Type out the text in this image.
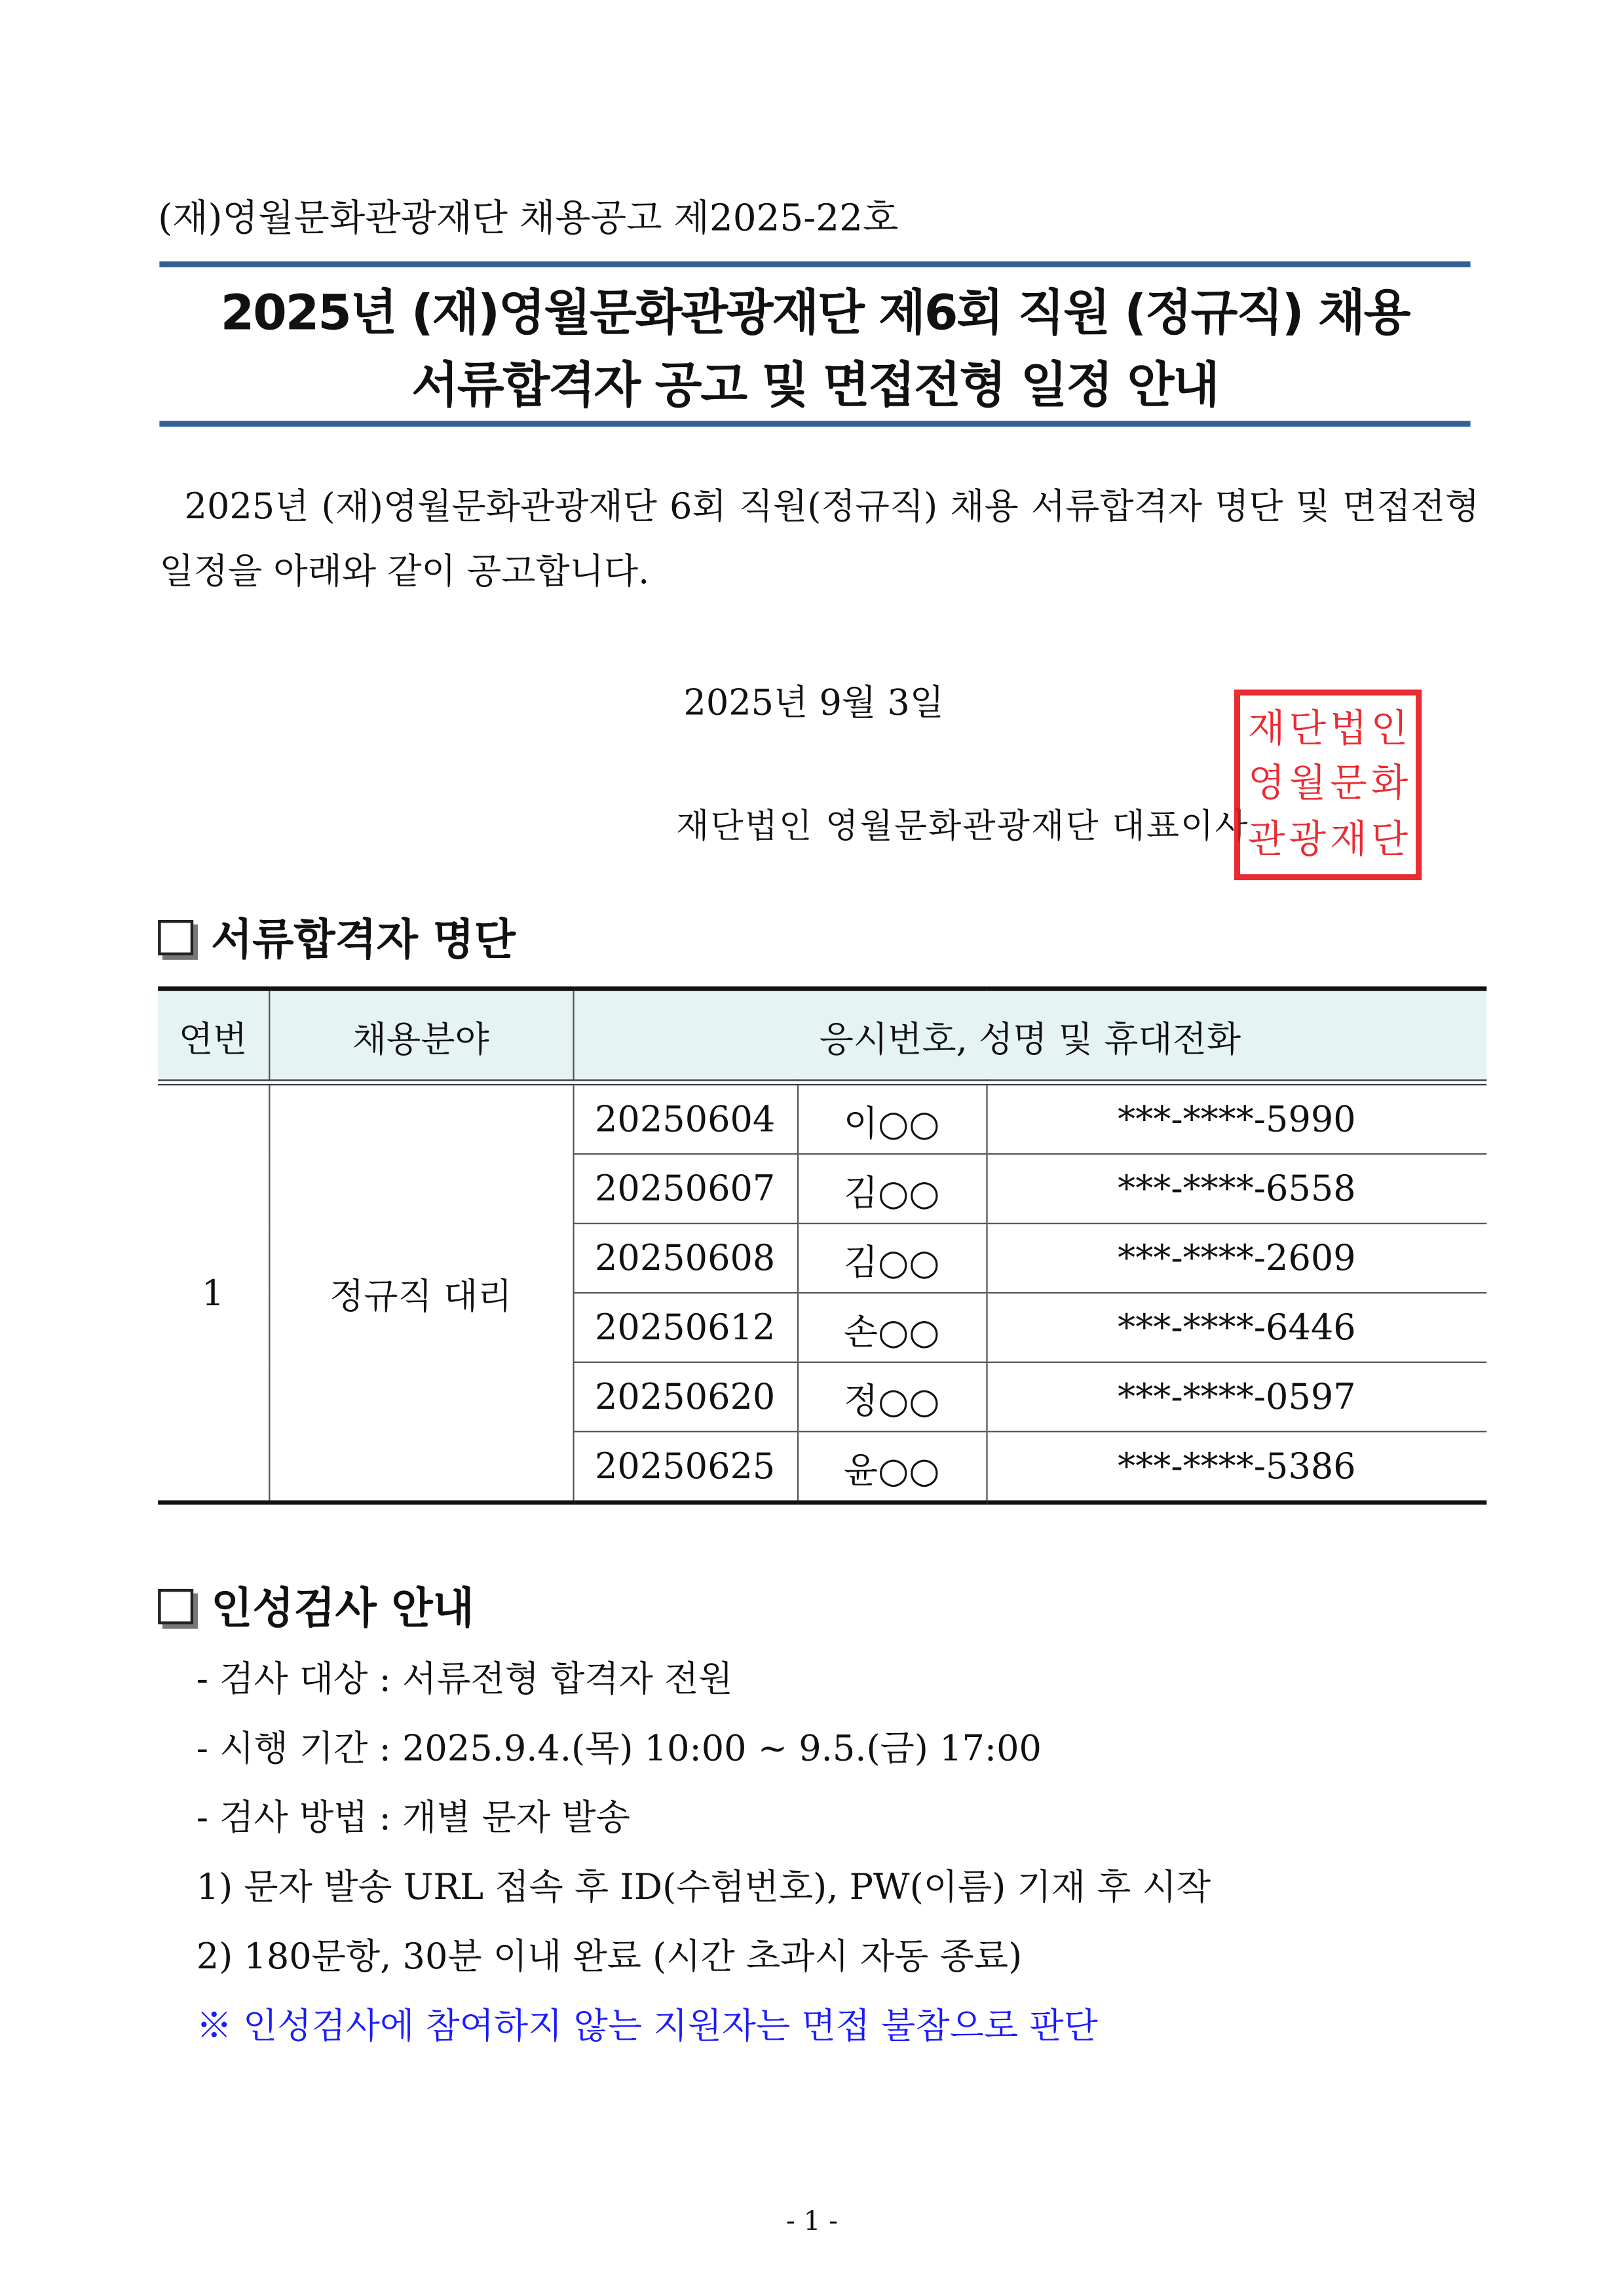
(재)영월문화관광재단 채용공고 제2025-22호
2025년 (재)영월문화관광재단 제6회 직원 (정규직) 채용
서류합격자 공고 및 면접전형 일정 안내
2025년 (재)영월문화관광재단 6회 직원(정규직) 채용 서류합격자 명단 및 면접전형 일정을 아래와 같이 공고합니다.
2025년 9월 3일
재단법인 영월문화관광재단 대표이사
재 단 법 인
영 월 문 화
관 광 재 단
서류합격자 명단
연번	채용분야	응시번호, 성명 및 휴대전화		
1	정규직 대리	20250604	이○○	***-****-5990
		20250607	김○○	***-****-6558
		20250608	김○○	***-****-2609
		20250612	손○○	***-****-6446
		20250620	정○○	***-****-0597
		20250625	윤○○	***-****-5386
인성검사 안내
- 검사 대상 : 서류전형 합격자 전원
- 시행 기간 : 2025.9.4.(목) 10:00 ~ 9.5.(금) 17:00
- 검사 방법 : 개별 문자 발송
1) 문자 발송 URL 접속 후 ID(수험번호), PW(이름) 기재 후 시작
2) 180문항, 30분 이내 완료 (시간 초과시 자동 종료)
※ 인성검사에 참여하지 않는 지원자는 면접 불참으로 판단
- 1 -
